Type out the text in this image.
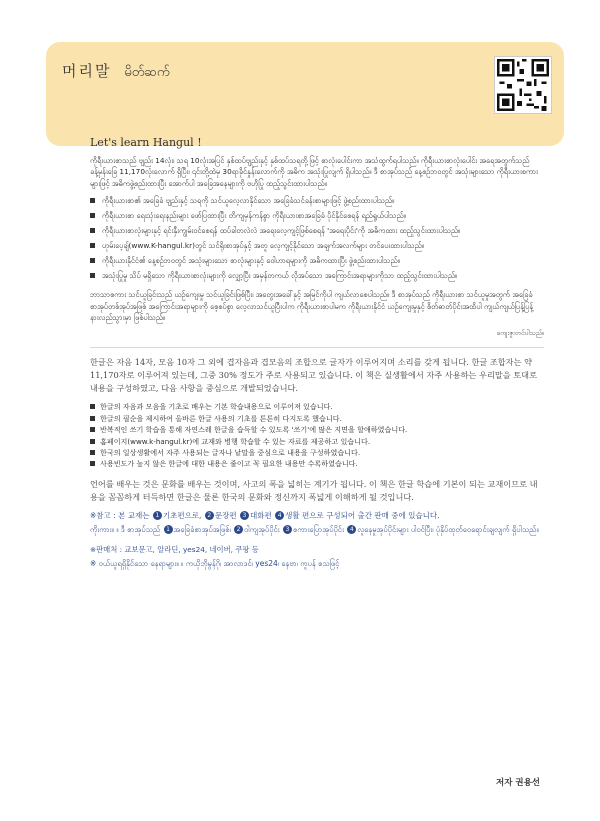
머리말 မိတ်ဆက်

Let's learn Hangul !

ကိုရီးယားစာသည် ဗျည်း 14လုံး၊ သရ 10လုံးအပြင် နှစ်ထပ်ဗျည်းနှင့် နှစ်ထပ်သရတို့ဖြင့် စာလုံးပေါင်းကာ အသံထွက်ရပါသည်။ ကိုရီးယားစာလုံးပေါင်း အရေအတွက်သည် ခန့်မှန်းခြေ 11,170လုံးလောက် ရှိပြီး၊ ၎င်းတို့ထဲမှ 30ရာခိုင်နှုန်းလောက်ကို အဓိက အသုံးပြုလျက် ရှိပါသည်။ ဒီ စာအုပ်သည် နေ့စဉ်ဘဝတွင် အသုံးများသော ကိုရီးယားစကားများဖြင့် အဓိကဖွဲ့စည်းထားပြီး အောက်ပါ အခြေအနေများကို ဗဟိုပြု ထည့်သွင်းထားပါသည်။

ကိုရီးယားစာ၏ အခြေခံ ဗျည်းနှင့် သရကို သင်ယူလေ့လာနိုင်သော အခြေခံသင်ခန်းစာများဖြင့် ဖွဲ့စည်းထားပါသည်။
ကိုရီးယားစာ ရေးသုံးရေးနည်းများ ဖော်ပြထားပြီး တိကျမှန်ကန်စွာ ကိုရီးယားစာအခြေခံ ပိုင်နိုင်စေရန် ရည်ရွယ်ပါသည်။
ကိုရီးယားစာလုံးများနှင့် ရင်းနှီးကျွမ်းဝင်စေရန် ထပ်ခါတလဲလဲ အရေးလေ့ကျင့်ဖြစ်စေရန် 'အရေးပိုင်း'ကို အဓိကထား ထည့်သွင်းထားပါသည်။
ဟုမ်းပေ့ချ်(www.K-hangul.kr)တွင် သင်ရိုးစာအုပ်နှင့် အတူ လေ့ကျင့်နိုင်သော အချက်အလက်များ တင်ပေးထားပါသည်။
ကိုရီးယားနိုင်ငံ၏ နေ့စဉ်ဘဝတွင် အသုံးများသော စာလုံးများနှင့် ဝေါဟာရများကို အဓိကထားပြီး ဖွဲ့စည်းထားပါသည်။
အသုံးပြုမှု သိပ် မရှိသော ကိုရီးယားစာလုံးများကို လျှော့ပြီး အမှန်တကယ် လိုအပ်သော အကြောင်းအရာများကိုသာ ထည့်သွင်းထားပါသည်။

ဘာသာစကား သင်ယူခြင်းသည် ယဉ်ကျေးမှု သင်ယူခြင်းဖြစ်ပြီး၊ အတွေးအခေါ်နှင့် အမြင်ကိုပါ ကျယ်လာစေပါသည်။ ဒီ စာအုပ်သည် ကိုရီးယားစာ သင်ယူမှုအတွက် အခြေခံ စာအုပ်တစ်အုပ်အဖြစ် အကြောင်းအရာများကို စေ့စပ်စွာ လေ့လာသင်ယူပြီးပါက ကိုရီးယားစာပါမက ကိုရီးယားနိုင်ငံ ယဉ်ကျေးမှုနှင့် စိတ်ဓာတ်ပိုင်းအထိပါ ကျယ်ကျယ်ပြန့်ပြန့် နားလည်သွားမှာ ဖြစ်ပါသည်။

ကျေးဇူးတင်ပါသည်။

한글은 자음 14자, 모음 10자 그 외에 겹자음과 겹모음의 조합으로 글자가 이루어지며 소리를 갖게 됩니다. 한글 조합자는 약 11,170자로 이루어져 있는데, 그중 30% 정도가 주로 사용되고 있습니다. 이 책은 실생활에서 자주 사용하는 우리말을 토대로 내용을 구성하였고, 다음 사항을 중심으로 개발되었습니다.

한글의 자음과 모음을 기초로 배우는 기본 학습내용으로 이루어져 있습니다.
한글의 필순을 제시하여 올바른 한글 사용의 기초를 튼튼히 다지도록 했습니다.
반복적인 쓰기 학습을 통해 자연스레 한글을 습득할 수 있도록 '쓰기'에 많은 지면을 할애하였습니다.
홈페이지(www.k-hangul.kr)에 교재와 병행 학습할 수 있는 자료를 제공하고 있습니다.
한국의 일상생활에서 자주 사용되는 글자나 낱말을 중심으로 내용을 구성하였습니다.
사용빈도가 높지 않은 한글에 대한 내용은 줄이고 꼭 필요한 내용만 수록하였습니다.

언어를 배우는 것은 문화를 배우는 것이며, 사고의 폭을 넓히는 계기가 됩니다. 이 책은 한글 학습에 기본이 되는 교재이므로 내용을 꼼꼼하게 터득하면 한글은 물론 한국의 문화와 정신까지 폭넓게 이해하게 될 것입니다.

※참고 : 본 교재는 1 기초편으로, 2 문장편 3 대화편 4 생활 편으로 구성되어 출간 판매 중에 있습니다.
ကိုးကား။ ။ ဒီ စာအုပ်သည် 1 အခြေခံစာအုပ်အဖြစ်၊ 2 ဝါကျအုပ်ပိုင်း 3 စကားပြောအုပ်ပိုင်း 4 လူနေမှုအုပ်ပိုင်းများ ပါဝင်ပြီး၊ ပုံနှိပ်ထုတ်ဝေရောင်းချလျက် ရှိပါသည်။
※판매처 : 교보문고, 알라딘, yes24, 네이버, 쿠팡 등
※ ဝယ်ယူရရှိနိုင်သော နေရာများ။ ။ ကယိုဘိုမွန်ဂို၊ အာလာဒင်၊ yes24၊ နေဗာ၊ ကူပန် စသဖြင့်
저자 권용선
